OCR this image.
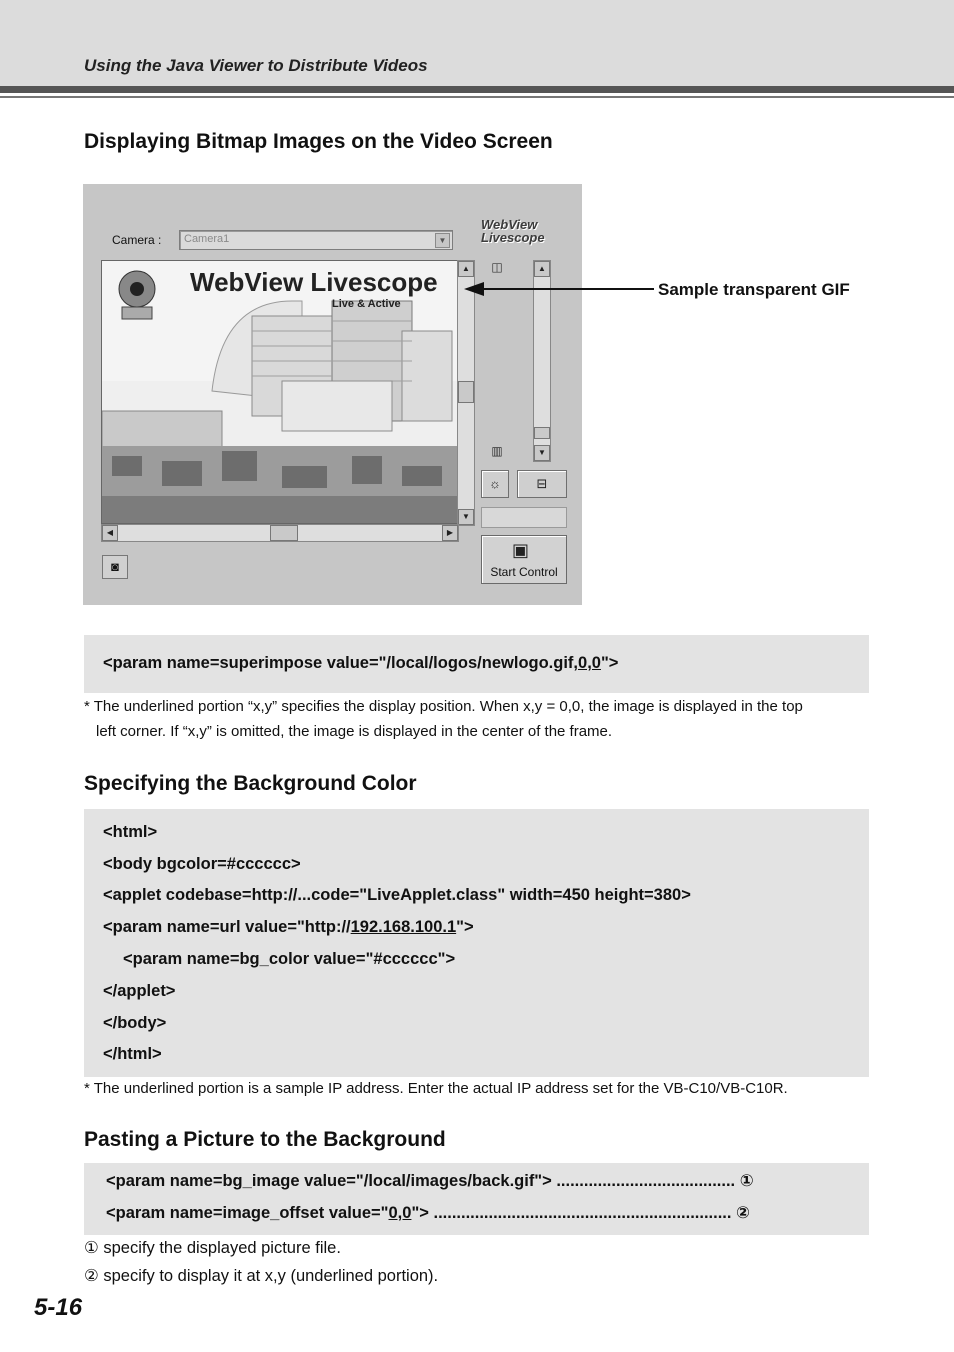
Using the Java Viewer to Distribute Videos
Displaying Bitmap Images on the Video Screen
Camera : Camera1	▼
WebView
Livescope
WebView Livescope
Live & Active
▲
▼
◀	▶
◫	▲
▼
▥
☼	⊟
▣
Start Control
◙
Sample transparent GIF
<param name=superimpose value="/local/logos/newlogo.gif,0,0">
* The underlined portion “x,y” specifies the display position. When x,y = 0,0, the image is displayed in the top
left corner. If “x,y” is omitted, the image is displayed in the center of the frame.
Specifying the Background Color
<html>
<body bgcolor=#cccccc>
<applet codebase=http://...code="LiveApplet.class" width=450 height=380>
<param name=url value="http://192.168.100.1">
<param name=bg_color value="#cccccc">
</applet>
</body>
</html>
* The underlined portion is a sample IP address. Enter the actual IP address set for the VB-C10/VB-C10R.
Pasting a Picture to the Background
<param name=bg_image value="/local/images/back.gif"> ....................................... ①
<param name=image_offset value="0,0"> ................................................................. ②
① specify the displayed picture file.
② specify to display it at x,y (underlined portion).
5-16
